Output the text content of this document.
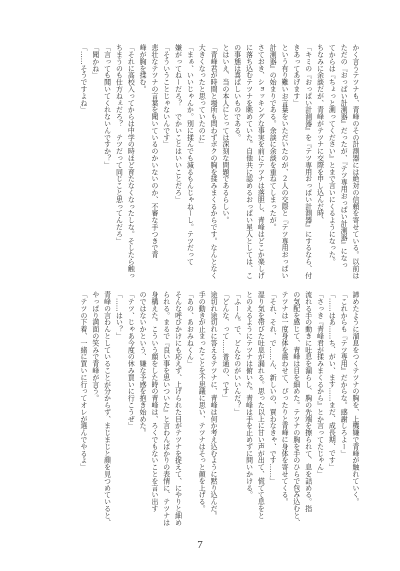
かく言うテツナも、青峰のその計測器には絶対の信頼を寄せている。以前は

ただの『おっぱい計測器』だったが、『テツ専用おっぱい計測器』になっ

てからは『ちょっと測ってください』とまで言いにくるようになった。

ちなみに余談だが、青峰がテツナに交際を申し込んだ時、

「キミの『おっぱい計測器』を『テツ専用おっぱい計測器』にするなら、付

きあってあげます」

という有り難いお言葉をいただいたのが、２人の交際と『テツ専用おっぱい

計測器』の始まりである。余談に余談を重ねてしまったが。

さておき、ショッキングな事実を前にテツナは落胆し、青峰はどこか楽しげ

に落ち込むテツナを眺めていた。自他共に認めるおっぱい星人としては、こ

の事態は喜ばしいものである。

とはいえ、当の本人にとっては深刻な問題であるらしい。

「青峰君が時間と場所も問わずボクの胸を揉みまくるからです。なんとなく

大きくなったと思っていたのに」

「まぁ、いいじゃんか。別に揉んでも減るもんじゃねーし。テツだって

嫌がってねーだろ？　でかいことはいいことだろ」

「そういうことじゃないんです」

悲壮なテツナの言葉を聞いているのかいないのか、不審な手つきで青

峰が胸を揉む。

「それに高校入ってからは中学の時ほど育たなくなったしな。そしたら触っ

ちまうのも仕方ねぇだろ？　テツだって同じこと思ってんだろ」

「言っても聞いてくれないんですか？」

「聞かね」

「……そうですよね」

諦めたように溜息をつくテツナの胸を、上機嫌で青峰が触れていく。

「これからも『テツ専用』だからな。感謝しろよー」

「……はあ……ち、がい、ます……まだ、成長期、です」

「さっき『青峰君が揉みまくるから』とか言ってたじゃん」

流れる手の動きに吐息を漏らし、胸の先端を擦られて、息を詰める。指

の気配を感じて、青峰は目を細めた。テツナの胸を手のひらで包み込むと、

テツナは一度身体を震わせて、ぴったりと青峰に身体を寄せてくる。

「それ、それ、で……ん、新しいの、買わなきゃ、です……」

湿り気を帯びた吐息が漏れる。思った以上に甘い声が出て、慌てて息をと

とのえるようにテツナは俯いた。青峰は手を止めずに問いかける。

「ふーん。で、どんなのがいいんだ？」

「どんな、って……普通の、です」

途切れ途切れに答えるテツナに、青峰は何か考え込むように黙り込んだ。

手の動きが止まったことを不思議に思い、テツナはそっと顔を上げる。

「あの、あおみねくん」

そんな呼びかけにも応えず、上げられた目がテツナを捉えて、にやりと細め

られる。まるで『良い事を思いついた』と言わんばかりの表情に、テツナは

身構えた。こういう顔をした時の青峰は、ろくでもないことを言い出す

のではないかという、嫌な予感を抱き始めた。

「テツ、じゃあ今度の休み買いに行こうぜ」

「……はい？」

青峰の言わんとしていることが分からず、まじまじと顔を見つめていると、

やっぱり満面の笑みで青峰が言う。

「テツの下着、一緒に買いに行ってオレが選んでやるよ」

7
